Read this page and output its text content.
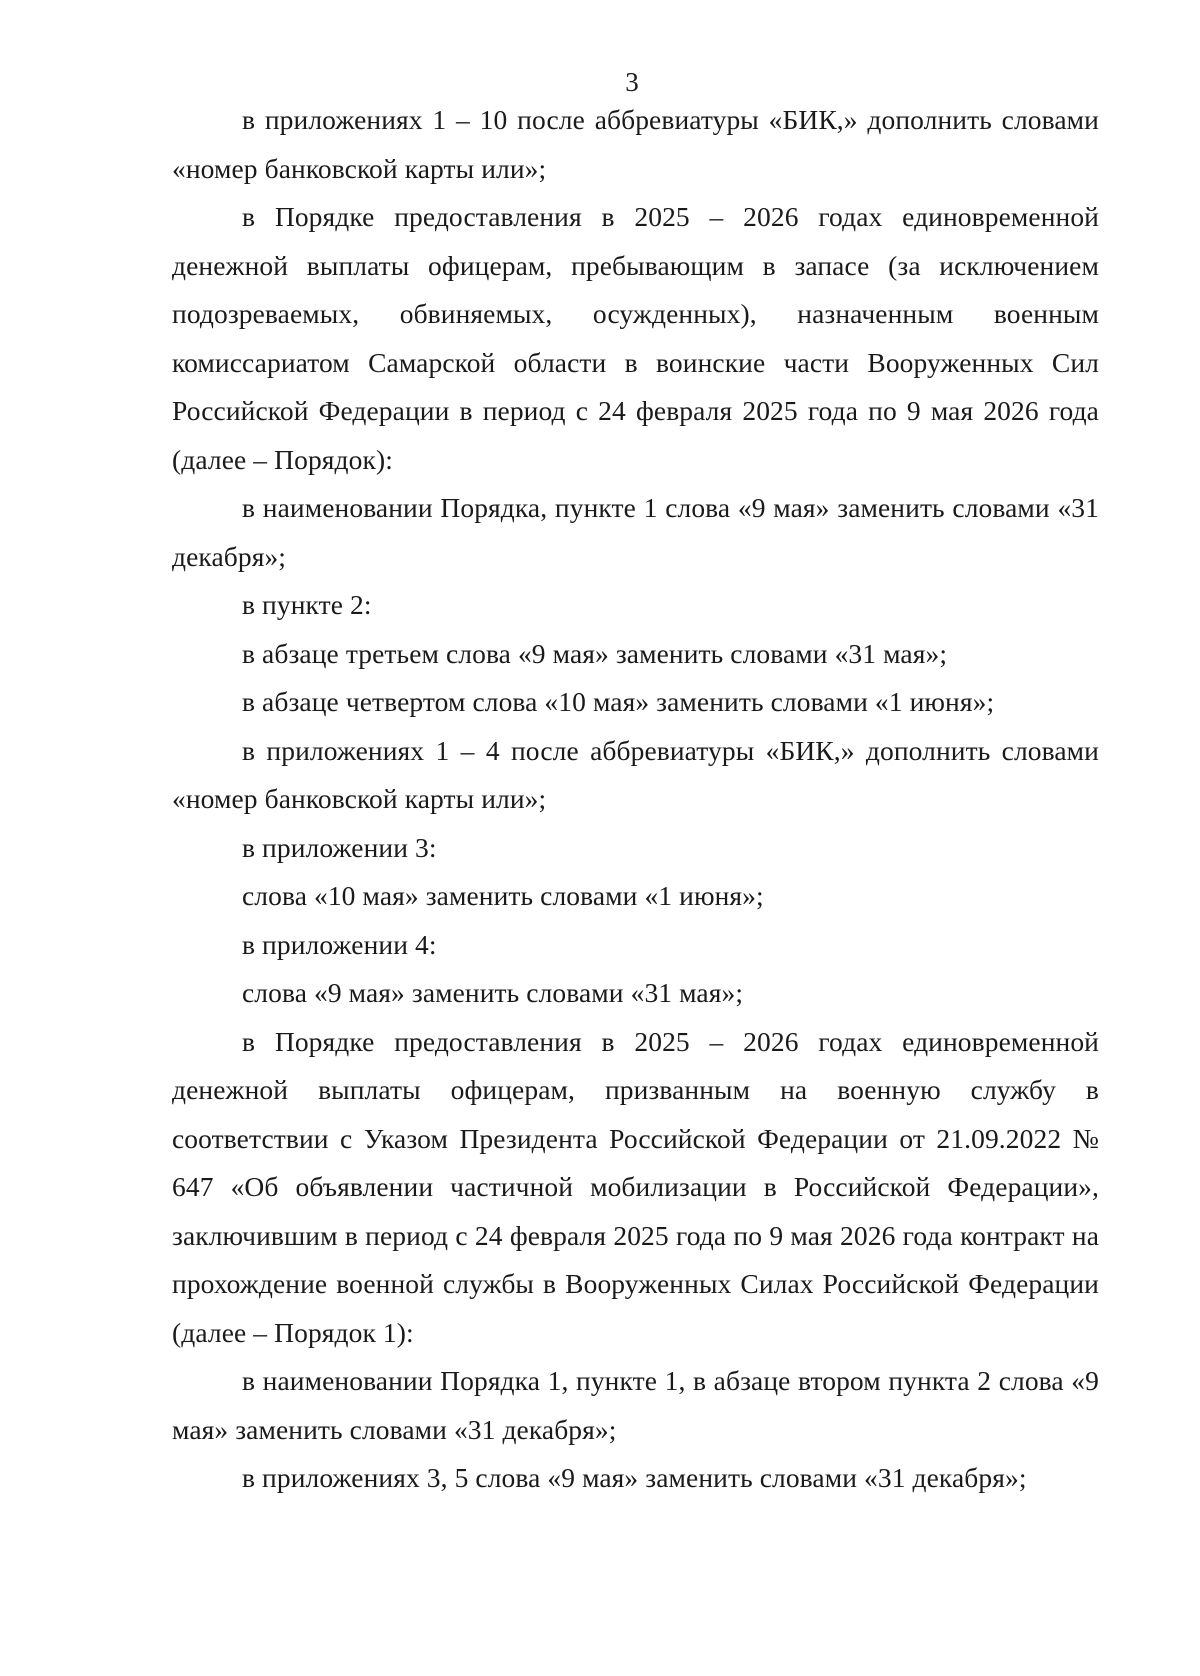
3

в приложениях 1 – 10 после аббревиатуры «БИК,» дополнить словами «номер банковской карты или»;

в Порядке предоставления в 2025 – 2026 годах единовременной денежной выплаты офицерам, пребывающим в запасе (за исключением подозреваемых, обвиняемых, осужденных), назначенным военным комиссариатом Самарской области в воинские части Вооруженных Сил Российской Федерации в период с 24 февраля 2025 года по 9 мая 2026 года (далее – Порядок):

в наименовании Порядка, пункте 1 слова «9 мая» заменить словами «31 декабря»;

в пункте 2:

в абзаце третьем слова «9 мая» заменить словами «31 мая»;

в абзаце четвертом слова «10 мая» заменить словами «1 июня»;

в приложениях 1 – 4 после аббревиатуры «БИК,» дополнить словами «номер банковской карты или»;

в приложении 3:

слова «10 мая» заменить словами «1 июня»;

в приложении 4:

слова «9 мая» заменить словами «31 мая»;

в Порядке предоставления в 2025 – 2026 годах единовременной денежной выплаты офицерам, призванным на военную службу в соответствии с Указом Президента Российской Федерации от 21.09.2022 № 647 «Об объявлении частичной мобилизации в Российской Федерации», заключившим в период с 24 февраля 2025 года по 9 мая 2026 года контракт на прохождение военной службы в Вооруженных Силах Российской Федерации (далее – Порядок 1):

в наименовании Порядка 1, пункте 1, в абзаце втором пункта 2 слова «9 мая» заменить словами «31 декабря»;

в приложениях 3, 5 слова «9 мая» заменить словами «31 декабря»;
